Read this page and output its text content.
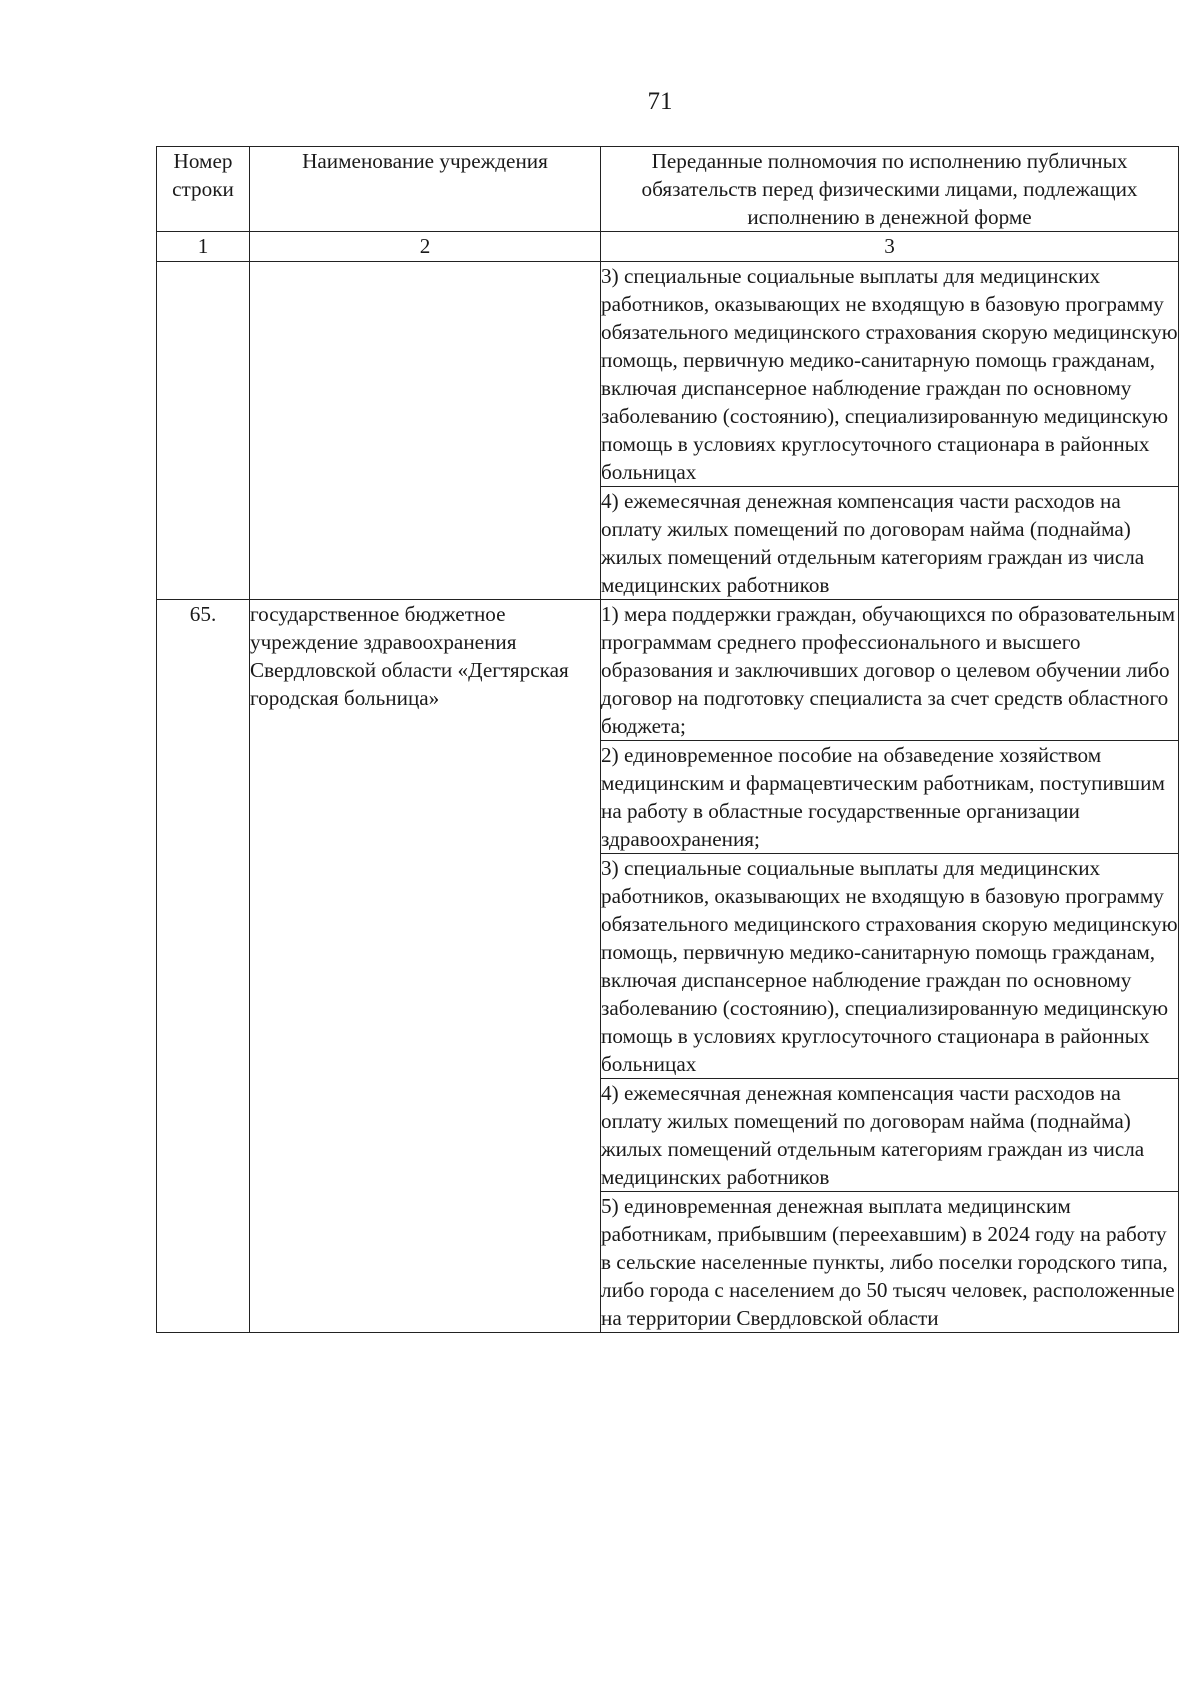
71
Номер строки	Наименование учреждения	Переданные полномочия по исполнению публичных обязательств перед физическими лицами, подлежащих исполнению в денежной форме
1	2	3
		3) специальные социальные выплаты для медицинских работников, оказывающих не входящую в базовую программу обязательного медицинского страхования скорую медицинскую помощь, первичную медико-санитарную помощь гражданам, включая диспансерное наблюдение граждан по основному заболеванию (состоянию), специализированную медицинскую помощь в условиях круглосуточного стационара в районных больницах
		4) ежемесячная денежная компенсация части расходов на оплату жилых помещений по договорам найма (поднайма) жилых помещений отдельным категориям граждан из числа медицинских работников
65.	государственное бюджетное учреждение здравоохранения Свердловской области «Дегтярская городская больница»	1) мера поддержки граждан, обучающихся по образовательным программам среднего профессионального и высшего образования и заключивших договор о целевом обучении либо договор на подготовку специалиста за счет средств областного бюджета;
		2) единовременное пособие на обзаведение хозяйством медицинским и фармацевтическим работникам, поступившим на работу в областные государственные организации здравоохранения;
		3) специальные социальные выплаты для медицинских работников, оказывающих не входящую в базовую программу обязательного медицинского страхования скорую медицинскую помощь, первичную медико-санитарную помощь гражданам, включая диспансерное наблюдение граждан по основному заболеванию (состоянию), специализированную медицинскую помощь в условиях круглосуточного стационара в районных больницах
		4) ежемесячная денежная компенсация части расходов на оплату жилых помещений по договорам найма (поднайма) жилых помещений отдельным категориям граждан из числа медицинских работников
		5) единовременная денежная выплата медицинским работникам, прибывшим (переехавшим) в 2024 году на работу в сельские населенные пункты, либо поселки городского типа, либо города с населением до 50 тысяч человек, расположенные на территории Свердловской области
